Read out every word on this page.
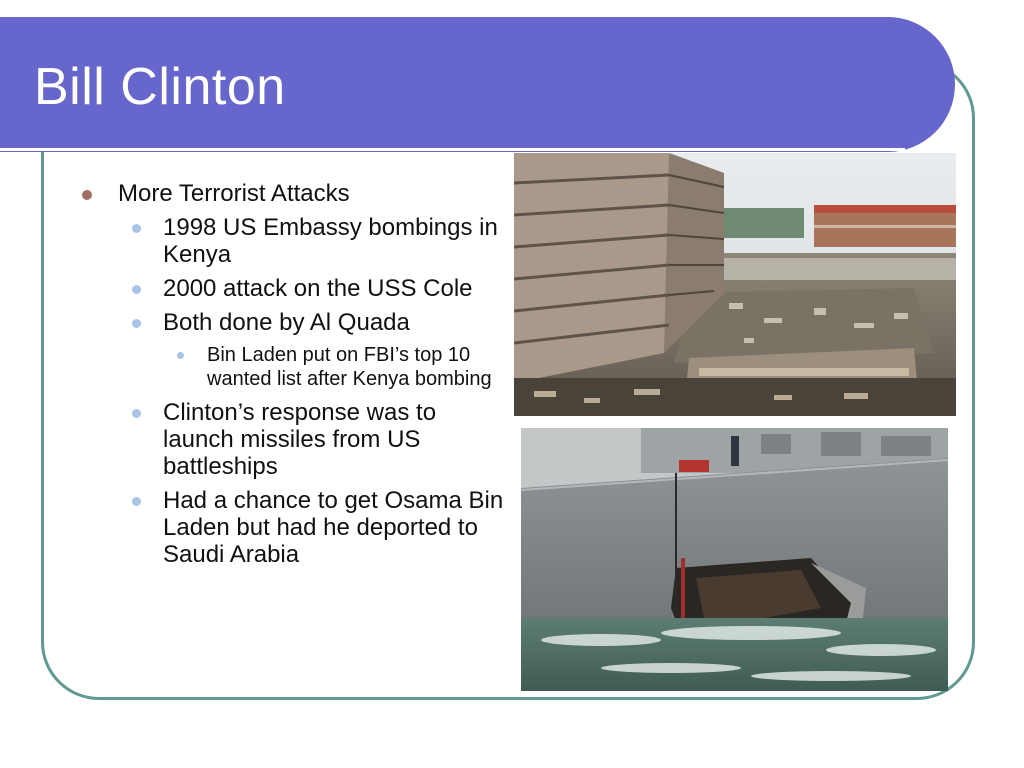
Bill Clinton
More Terrorist Attacks
1998 US Embassy bombings in Kenya
2000 attack on the USS Cole
Both done by Al Quada
Bin Laden put on FBI’s top 10 wanted list after Kenya bombing
Clinton’s response was to launch missiles from US battleships
Had a chance to get Osama Bin Laden but had he deported to Saudi Arabia
